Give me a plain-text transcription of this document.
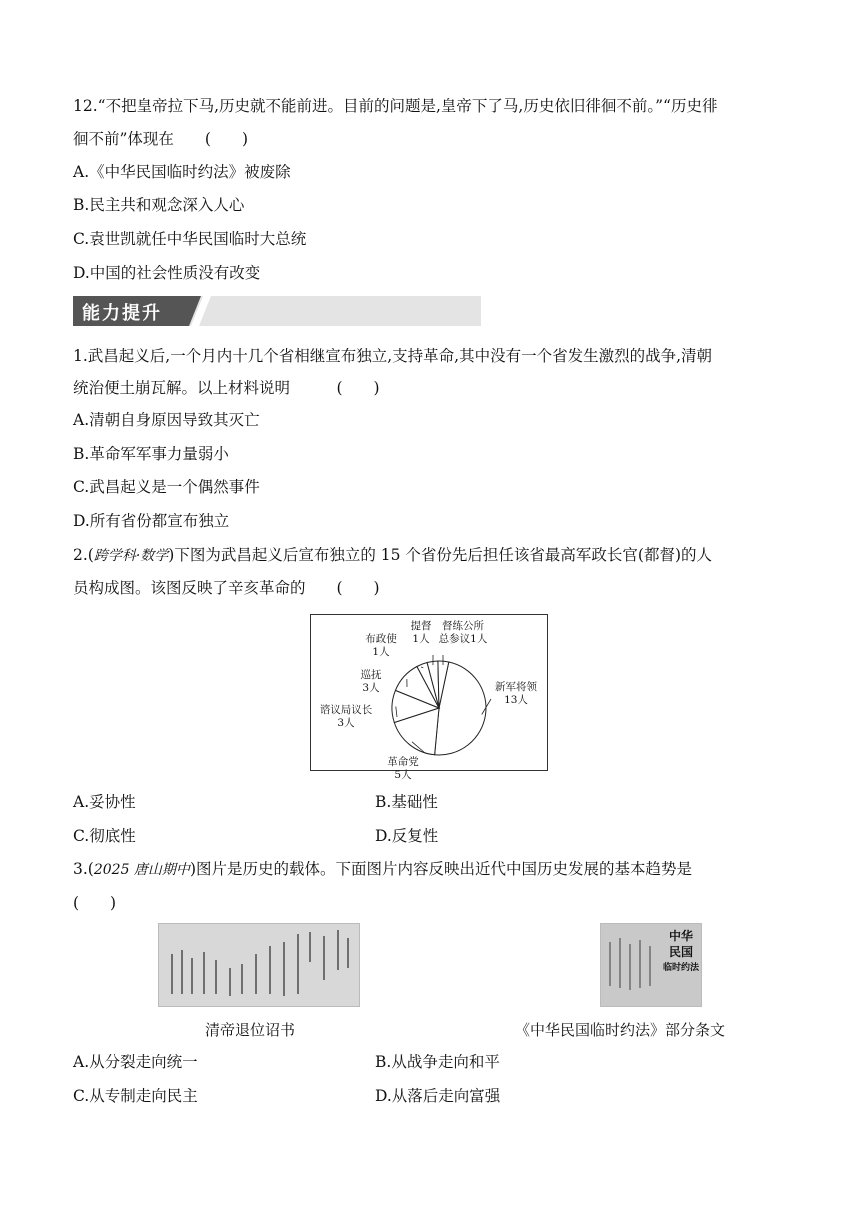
12.“不把皇帝拉下马,历史就不能前进。目前的问题是,皇帝下了马,历史依旧徘徊不前。”“历史徘
徊不前”体现在　　(　　)
A.《中华民国临时约法》被废除
B.民主共和观念深入人心
C.袁世凯就任中华民国临时大总统
D.中国的社会性质没有改变
能力提升
1.武昌起义后,一个月内十几个省相继宣布独立,支持革命,其中没有一个省发生激烈的战争,清朝
统治便土崩瓦解。以上材料说明　　　(　　)
A.清朝自身原因导致其灭亡
B.革命军军事力量弱小
C.武昌起义是一个偶然事件
D.所有省份都宣布独立
2.(跨学科·数学)下图为武昌起义后宣布独立的 15 个省份先后担任该省最高军政长官(都督)的人
员构成图。该图反映了辛亥革命的　　(　　)
新军将领
13人
革命党
5人
谘议局议长
3人
巡抚
3人
布政使
1人
提督
1人
督练公所
总参议1人
A.妥协性	B.基础性
C.彻底性	D.反复性
3.(2025 唐山期中)图片是历史的载体。下面图片内容反映出近代中国历史发展的基本趋势是
(　　)
清帝退位诏书
中华
民国
临时约法
《中华民国临时约法》部分条文
A.从分裂走向统一	B.从战争走向和平
C.从专制走向民主	D.从落后走向富强
